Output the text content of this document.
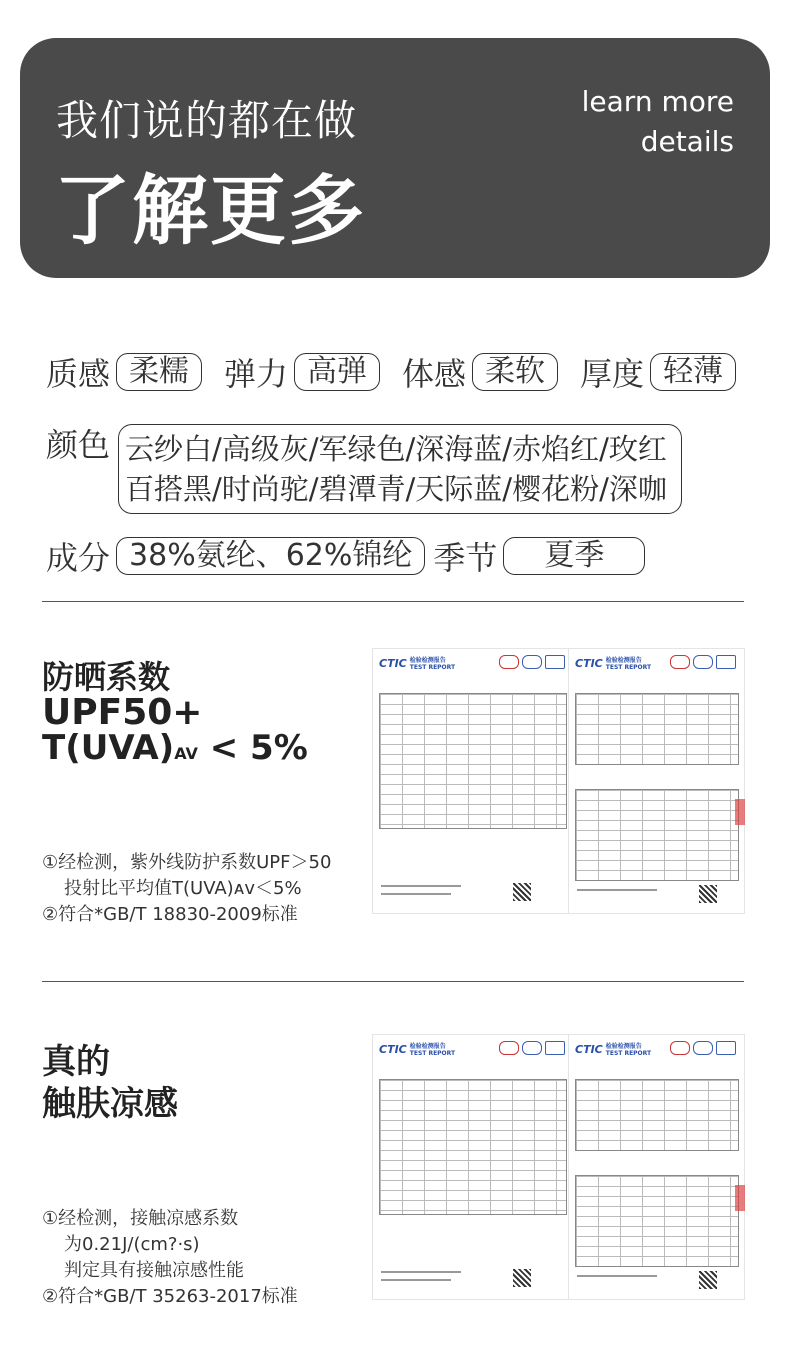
我们说的都在做
了解更多
learn more
details
质感 柔糯	弹力 高弹	体感 柔软	厚度 轻薄
颜色 云纱白/高级灰/军绿色/深海蓝/赤焰红/玫红
百搭黑/时尚驼/碧潭青/天际蓝/樱花粉/深咖
成分 38%氨纶、62%锦纶 季节	夏季
防晒系数
UPF50+
T(UVA)AV < 5%
①经检测，紫外线防护系数UPF＞50
投射比平均值T(UVA)ᴀᴠ＜5%
②符合*GB/T 18830-2009标准
CTIC 检验检测报告
TEST REPORT	CTIC 检验检测报告
TEST REPORT
真的
触肤凉感
①经检测，接触凉感系数
为0.21J/(cm?·s)
判定具有接触凉感性能
②符合*GB/T 35263-2017标准
CTIC 检验检测报告
TEST REPORT	CTIC 检验检测报告
TEST REPORT
